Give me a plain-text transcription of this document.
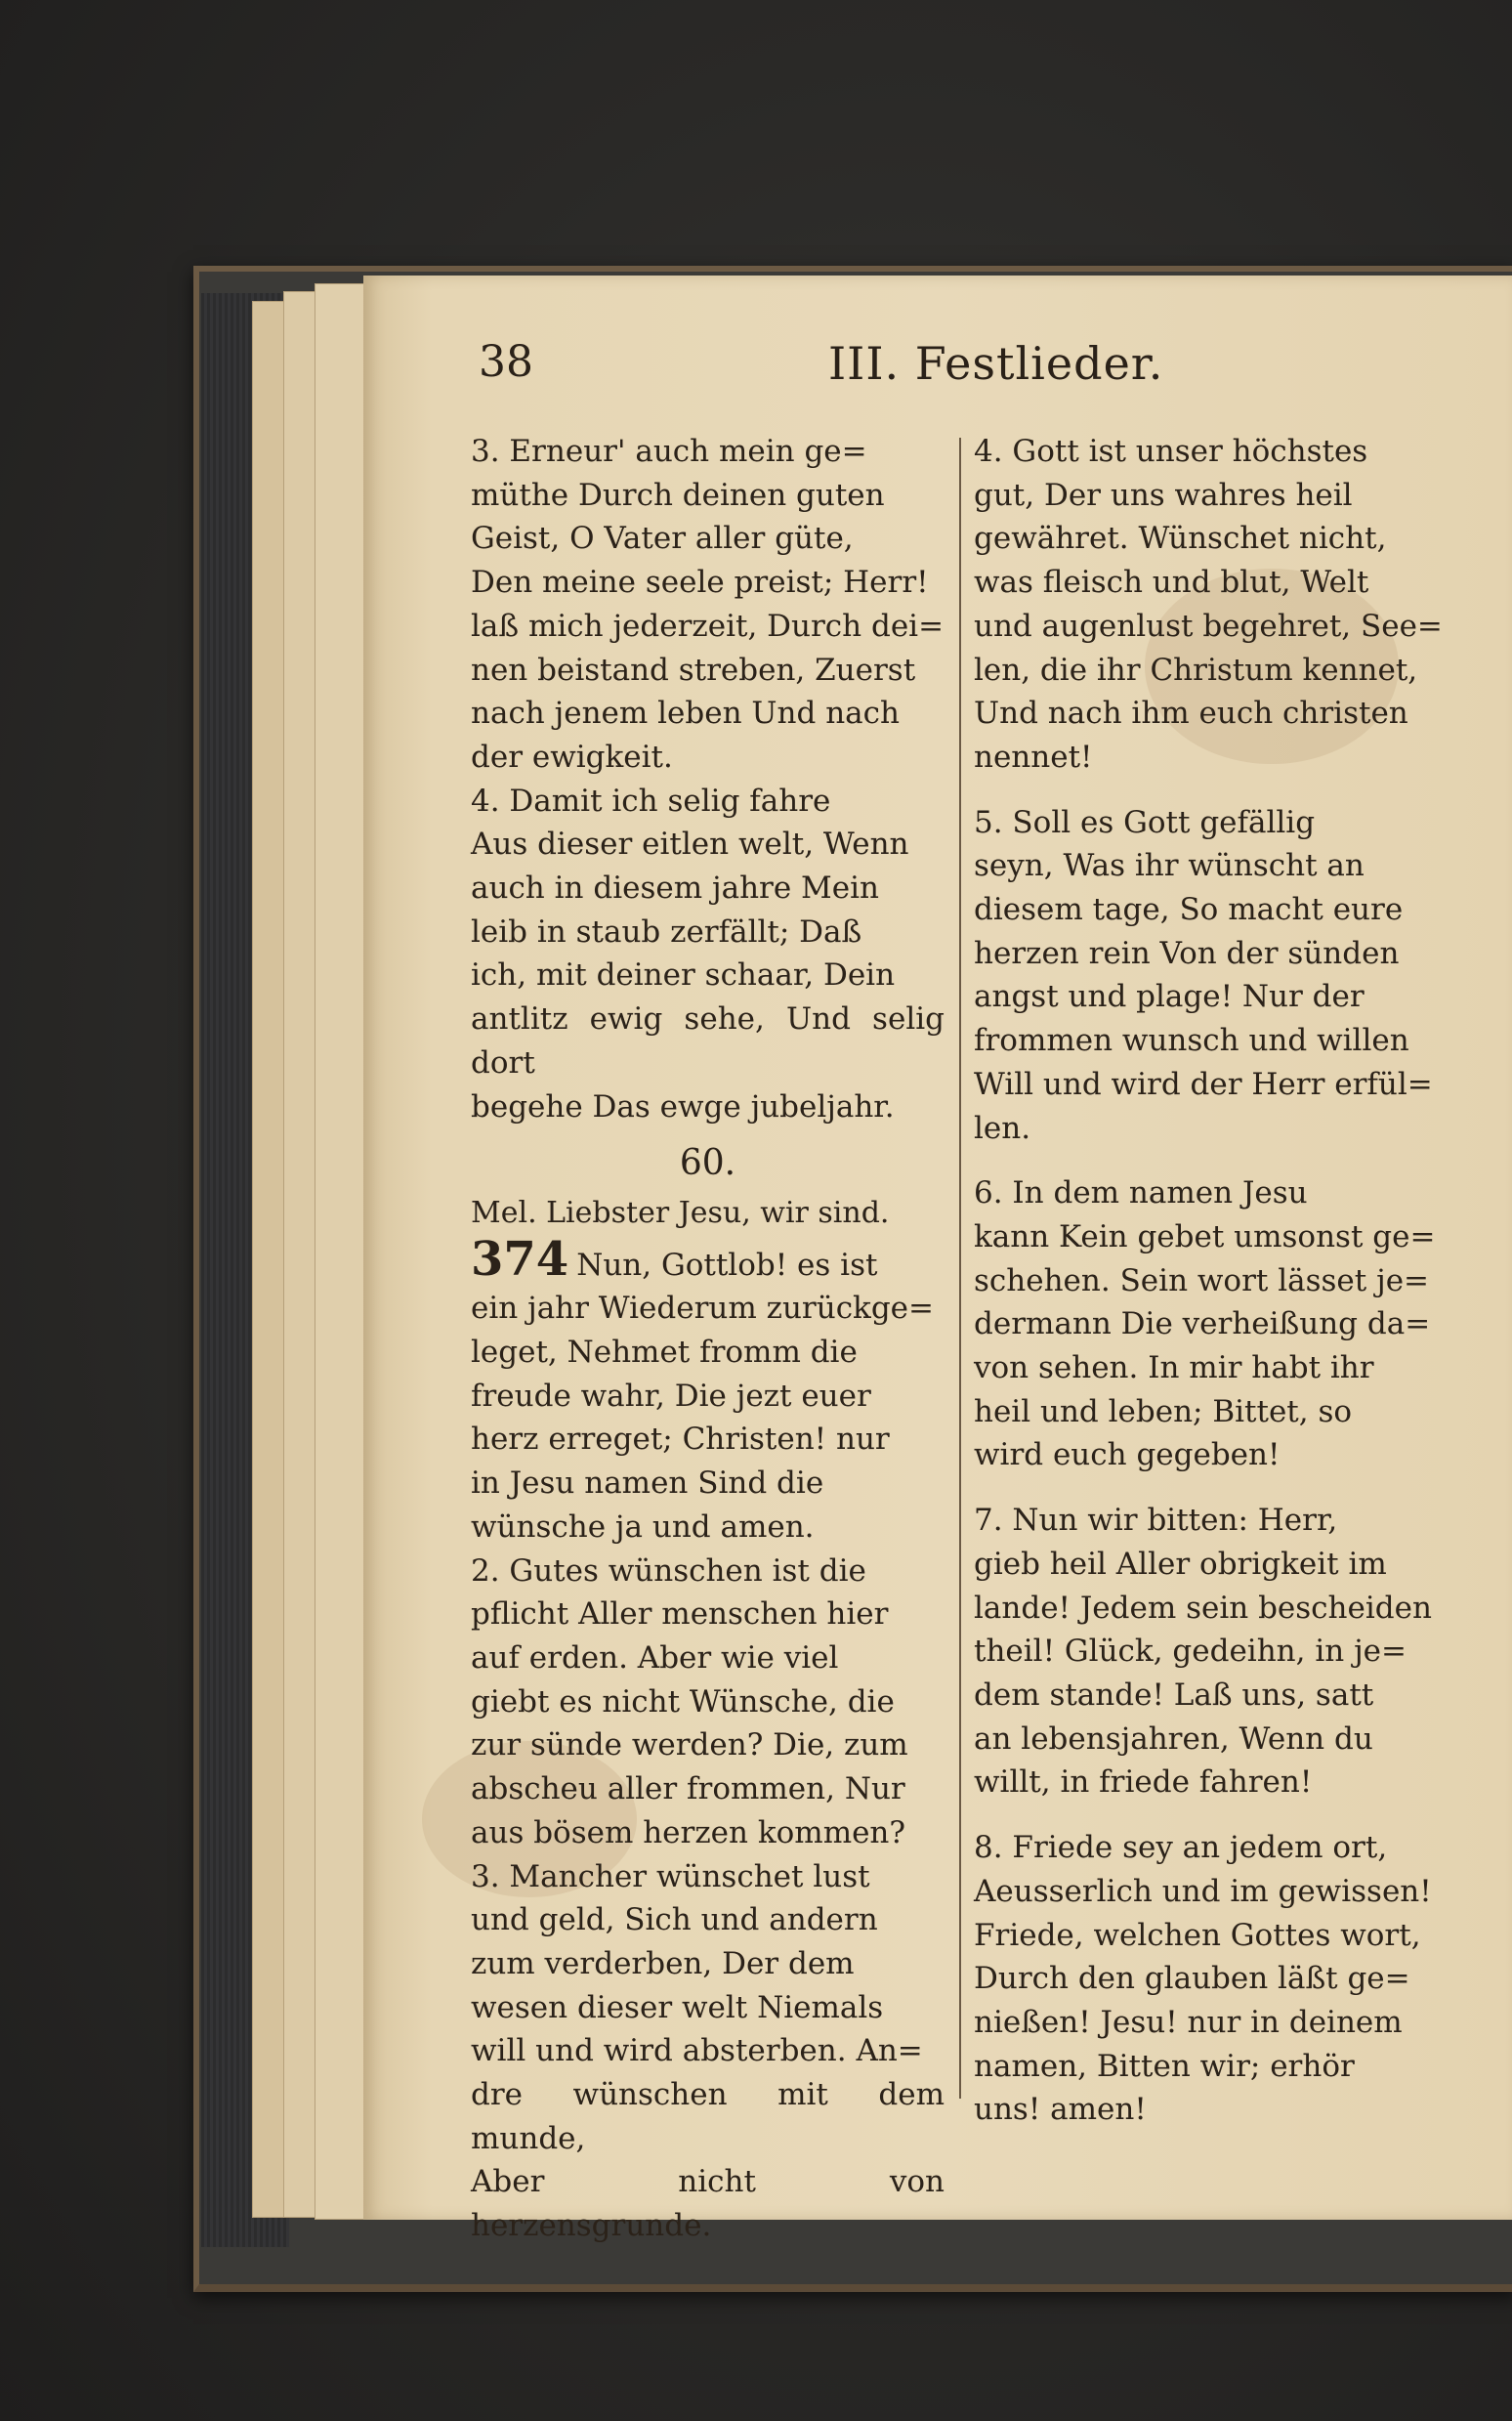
38	III. Festlieder.

3. Erneur' auch mein ge=

müthe Durch deinen guten

Geist, O Vater aller güte,

Den meine seele preist; Herr!

laß mich jederzeit, Durch dei=

nen beistand streben, Zuerst

nach jenem leben Und nach

der ewigkeit.

4. Damit ich selig fahre

Aus dieser eitlen welt, Wenn

auch in diesem jahre Mein

leib in staub zerfällt; Daß

ich, mit deiner schaar, Dein

antlitz ewig sehe, Und selig dort

begehe Das ewge jubeljahr.

60.

Mel. Liebster Jesu, wir sind.

374 Nun, Gottlob! es ist

ein jahr Wiederum zurückge=

leget, Nehmet fromm die

freude wahr, Die jezt euer

herz erreget; Christen! nur

in Jesu namen Sind die

wünsche ja und amen.

2. Gutes wünschen ist die

pflicht Aller menschen hier

auf erden. Aber wie viel

giebt es nicht Wünsche, die

zur sünde werden? Die, zum

abscheu aller frommen, Nur

aus bösem herzen kommen?

3. Mancher wünschet lust

und geld, Sich und andern

zum verderben, Der dem

wesen dieser welt Niemals

will und wird absterben. An=

dre wünschen mit dem munde,

Aber nicht von herzensgrunde.

4. Gott ist unser höchstes

gut, Der uns wahres heil

gewähret. Wünschet nicht,

was fleisch und blut, Welt

und augenlust begehret, See=

len, die ihr Christum kennet,

Und nach ihm euch christen

nennet!

5. Soll es Gott gefällig

seyn, Was ihr wünscht an

diesem tage, So macht eure

herzen rein Von der sünden

angst und plage! Nur der

frommen wunsch und willen

Will und wird der Herr erfül=

len.

6. In dem namen Jesu

kann Kein gebet umsonst ge=

schehen. Sein wort lässet je=

dermann Die verheißung da=

von sehen. In mir habt ihr

heil und leben; Bittet, so

wird euch gegeben!

7. Nun wir bitten: Herr,

gieb heil Aller obrigkeit im

lande! Jedem sein bescheiden

theil! Glück, gedeihn, in je=

dem stande! Laß uns, satt

an lebensjahren, Wenn du

willt, in friede fahren!

8. Friede sey an jedem ort,

Aeusserlich und im gewissen!

Friede, welchen Gottes wort,

Durch den glauben läßt ge=

nießen! Jesu! nur in deinem

namen, Bitten wir; erhör

uns! amen!
